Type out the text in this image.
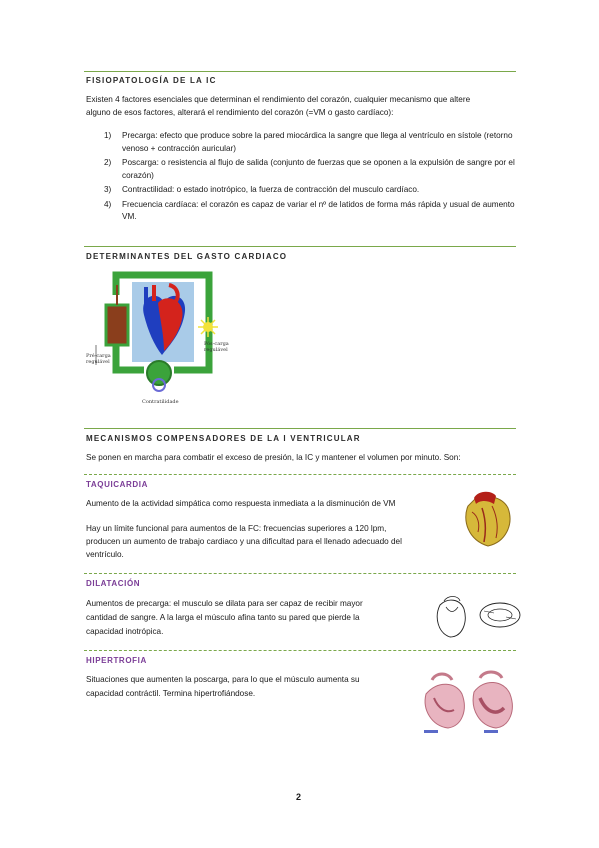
FISIOPATOLOGÍA DE LA IC
Existen 4 factores esenciales que determinan el rendimiento del corazón, cualquier mecanismo que altere
alguno de esos factores, alterará el rendimiento del corazón (=VM o gasto cardíaco):
1) Precarga: efecto que produce sobre la pared miocárdica la sangre que llega al ventrículo en sístole (retorno venoso + contracción auricular)
2) Poscarga: o resistencia al flujo de salida (conjunto de fuerzas que se oponen a la expulsión de sangre por el corazón)
3) Contractilidad: o estado inotrópico, la fuerza de contracción del musculo cardíaco.
4) Frecuencia cardíaca: el corazón es capaz de variar el nº de latidos de forma más rápida y usual de aumento VM.
DETERMINANTES DEL GASTO CARDIACO
Pré-carga regulável
Pós-carga regulável
Contratilidade
MECANISMOS COMPENSADORES DE LA I VENTRICULAR
Se ponen en marcha para combatir el exceso de presión, la IC y mantener el volumen por minuto. Son:
TAQUICARDIA
Aumento de la actividad simpática como respuesta inmediata a la disminución de VM
Hay un límite funcional para aumentos de la FC: frecuencias superiores a 120 lpm,
producen un aumento de trabajo cardiaco y una dificultad para el llenado adecuado del
ventrículo.
DILATACIÓN
Aumentos de precarga: el musculo se dilata para ser capaz de recibir mayor
cantidad de sangre. A la larga el músculo afina tanto su pared que pierde la
capacidad inotrópica.
HIPERTROFIA
Situaciones que aumenten la poscarga, para lo que el músculo aumenta su
capacidad contráctil. Termina hipertrofiándose.
2
